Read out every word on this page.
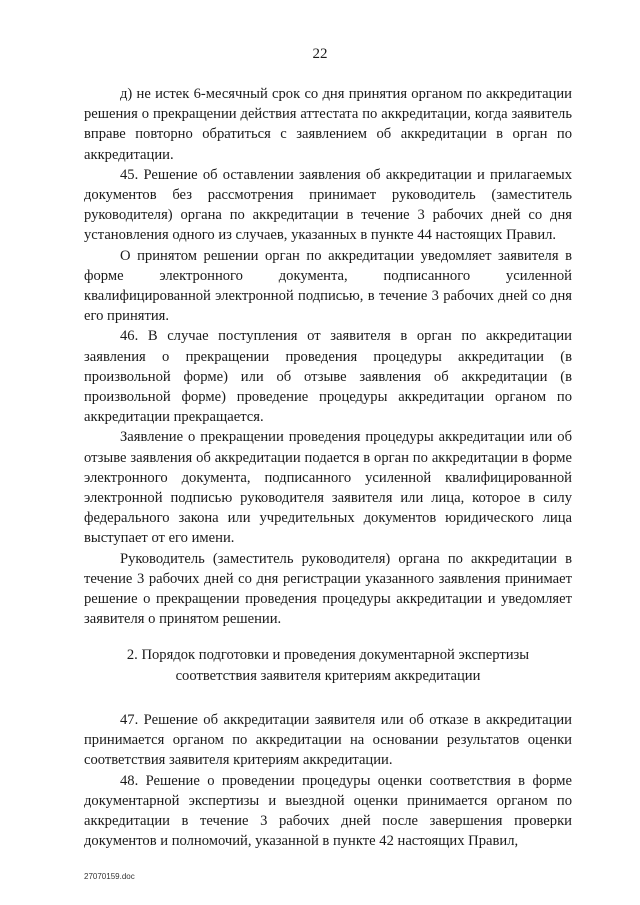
22

д) не истек 6-месячный срок со дня принятия органом по аккредитации решения о прекращении действия аттестата по аккредитации, когда заявитель вправе повторно обратиться с заявлением об аккредитации в орган по аккредитации.

45. Решение об оставлении заявления об аккредитации и прилагаемых документов без рассмотрения принимает руководитель (заместитель руководителя) органа по аккредитации в течение 3 рабочих дней со дня установления одного из случаев, указанных в пункте 44 настоящих Правил.

О принятом решении орган по аккредитации уведомляет заявителя в форме электронного документа, подписанного усиленной квалифицированной электронной подписью, в течение 3 рабочих дней со дня его принятия.

46. В случае поступления от заявителя в орган по аккредитации заявления о прекращении проведения процедуры аккредитации (в произвольной форме) или об отзыве заявления об аккредитации (в произвольной форме) проведение процедуры аккредитации органом по аккредитации прекращается.

Заявление о прекращении проведения процедуры аккредитации или об отзыве заявления об аккредитации подается в орган по аккредитации в форме электронного документа, подписанного усиленной квалифицированной электронной подписью руководителя заявителя или лица, которое в силу федерального закона или учредительных документов юридического лица выступает от его имени.

Руководитель (заместитель руководителя) органа по аккредитации в течение 3 рабочих дней со дня регистрации указанного заявления принимает решение о прекращении проведения процедуры аккредитации и уведомляет заявителя о принятом решении.

2. Порядок подготовки и проведения документарной экспертизы
соответствия заявителя критериям аккредитации

47. Решение об аккредитации заявителя или об отказе в аккредитации принимается органом по аккредитации на основании результатов оценки соответствия заявителя критериям аккредитации.

48. Решение о проведении процедуры оценки соответствия в форме документарной экспертизы и выездной оценки принимается органом по аккредитации в течение 3 рабочих дней после завершения проверки документов и полномочий, указанной в пункте 42 настоящих Правил,

27070159.doc
